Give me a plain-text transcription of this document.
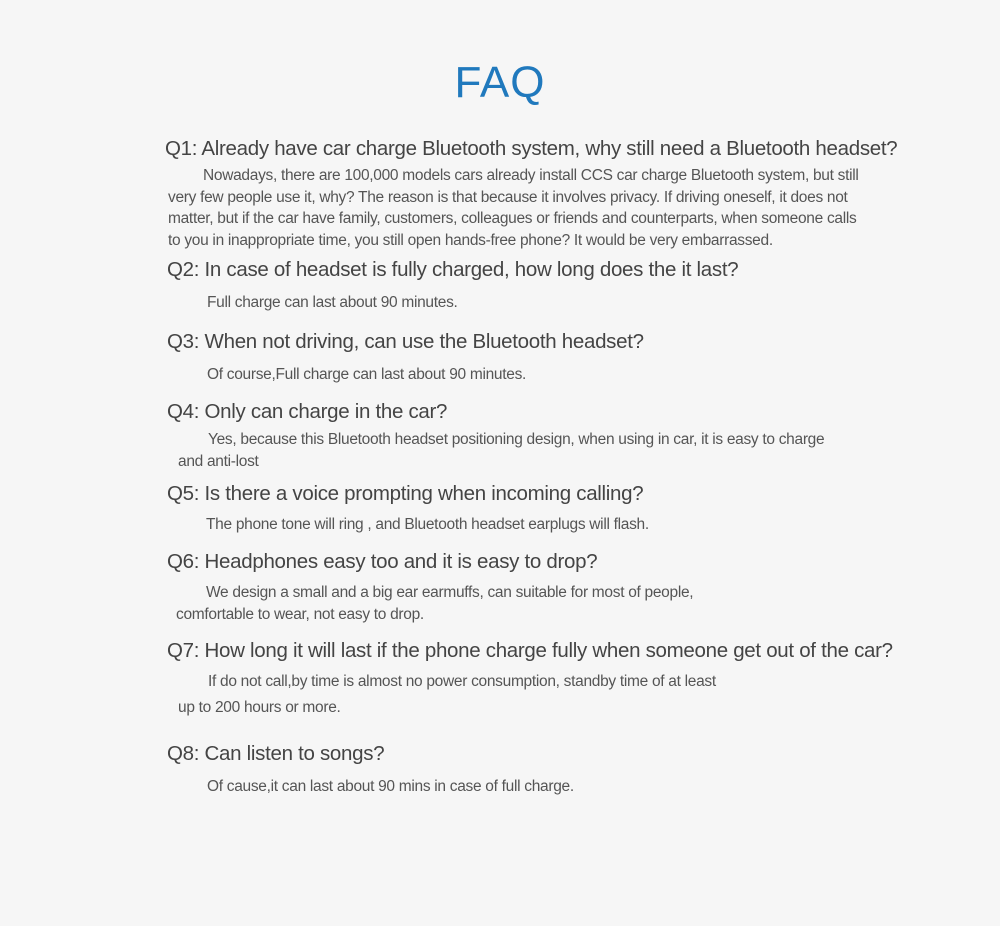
FAQ

Q1: Already have car charge Bluetooth system, why still need a Bluetooth headset?

Nowadays, there are 100,000 models cars already install CCS car charge Bluetooth system, but still
very few people use it, why? The reason is that because it involves privacy. If driving oneself, it does not
matter, but if the car have family, customers, colleagues or friends and counterparts, when someone calls
to you in inappropriate time, you still open hands-free phone? It would be very embarrassed.

Q2: In case of headset is fully charged, how long does the it last?

Full charge can last about 90 minutes.

Q3: When not driving, can use the Bluetooth headset?

Of course,Full charge can last about 90 minutes.

Q4: Only can charge in the car?

Yes, because this Bluetooth headset positioning design, when using in car, it is easy to charge
and anti-lost

Q5: Is there a voice prompting when incoming calling?

The phone tone will ring , and Bluetooth headset earplugs will flash.

Q6: Headphones easy too and it is easy to drop?

We design a small and a big ear earmuffs, can suitable for most of people,
comfortable to wear, not easy to drop.

Q7: How long it will last if the phone charge fully when someone get out of the car?

If do not call,by time is almost no power consumption, standby time of at least
up to 200 hours or more.

Q8: Can listen to songs?

Of cause,it can last about 90 mins in case of full charge.
